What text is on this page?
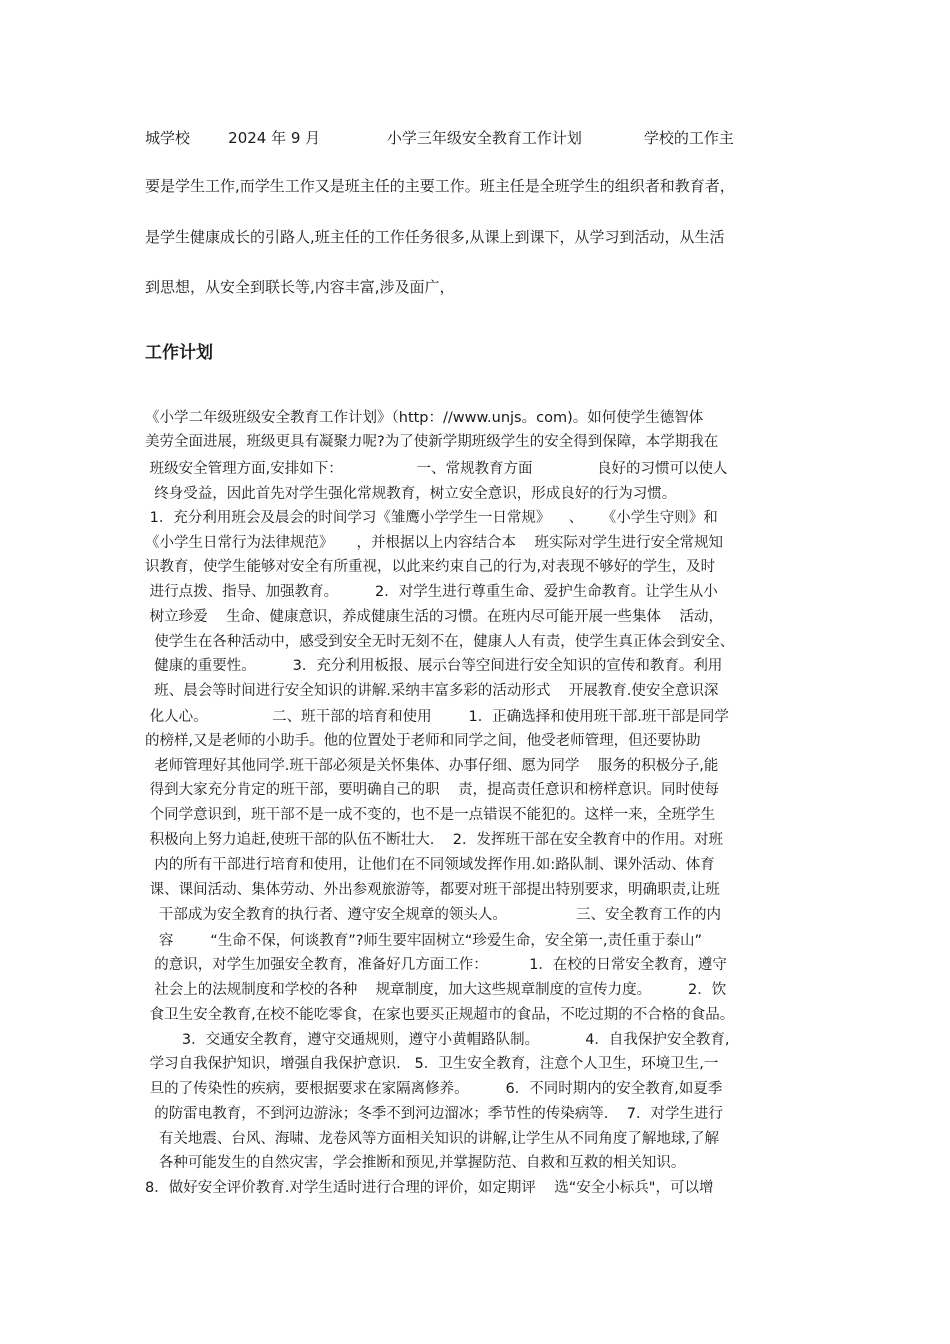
城学校        2024 年 9 月              小学三年级安全教育工作计划             学校的工作主
要是学生工作,而学生工作又是班主任的主要工作。班主任是全班学生的组织者和教育者，
是学生健康成长的引路人,班主任的工作任务很多,从课上到课下，从学习到活动，从生活
到思想，从安全到联长等,内容丰富,涉及面广，
工作计划
《小学二年级班级安全教育工作计划》（http：//www.unjs。com)。如何使学生德智体
美劳全面进展，班级更具有凝聚力呢?为了使新学期班级学生的安全得到保障，本学期我在
班级安全管理方面,安排如下：                一、常规教育方面              良好的习惯可以使人
终身受益，因此首先对学生强化常规教育，树立安全意识，形成良好的行为习惯。
1．充分利用班会及晨会的时间学习《雏鹰小学学生一日常规》    、    《小学生守则》和
《小学生日常行为法律规范》     ，并根据以上内容结合本    班实际对学生进行安全常规知
识教育，使学生能够对安全有所重视，以此来约束自己的行为,对表现不够好的学生，及时
进行点拨、指导、加强教育。        2．对学生进行尊重生命、爱护生命教育。让学生从小
树立珍爱    生命、健康意识，养成健康生活的习惯。在班内尽可能开展一些集体    活动，
使学生在各种活动中，感受到安全无时无刻不在，健康人人有责，使学生真正体会到安全、
健康的重要性。        3．充分利用板报、展示台等空间进行安全知识的宣传和教育。利用
班、晨会等时间进行安全知识的讲解.采纳丰富多彩的活动形式    开展教育.使安全意识深
化人心。              二、班干部的培育和使用        1．正确选择和使用班干部.班干部是同学
的榜样,又是老师的小助手。他的位置处于老师和同学之间，他受老师管理，但还要协助
老师管理好其他同学.班干部必须是关怀集体、办事仔细、愿为同学    服务的积极分子,能
得到大家充分肯定的班干部，要明确自己的职    责，提高责任意识和榜样意识。同时使每
个同学意识到，班干部不是一成不变的，也不是一点错误不能犯的。这样一来，全班学生
积极向上努力追赶,使班干部的队伍不断壮大.    2．发挥班干部在安全教育中的作用。对班
内的所有干部进行培育和使用，让他们在不同领域发挥作用.如:路队制、课外活动、体育
课、课间活动、集体劳动、外出参观旅游等，都要对班干部提出特别要求，明确职责,让班
干部成为安全教育的执行者、遵守安全规章的领头人。               三、安全教育工作的内
容        “生命不保，何谈教育”?师生要牢固树立“珍爱生命，安全第一,责任重于泰山”
的意识，对学生加强安全教育，准备好几方面工作：         1．在校的日常安全教育，遵守
社会上的法规制度和学校的各种    规章制度，加大这些规章制度的宣传力度。        2．饮
食卫生安全教育,在校不能吃零食，在家也要买正规超市的食品，不吃过期的不合格的食品。
3．交通安全教育，遵守交通规则，遵守小黄帽路队制。          4．自我保护安全教育,
学习自我保护知识，增强自我保护意识.   5．卫生安全教育，注意个人卫生，环境卫生,一
旦的了传染性的疾病，要根据要求在家隔离修养。        6．不同时期内的安全教育,如夏季
的防雷电教育，不到河边游泳；冬季不到河边溜冰；季节性的传染病等.    7．对学生进行
有关地震、台风、海啸、龙卷风等方面相关知识的讲解,让学生从不同角度了解地球,了解
各种可能发生的自然灾害，学会推断和预见,并掌握防范、自救和互救的相关知识。
8．做好安全评价教育.对学生适时进行合理的评价，如定期评    选“安全小标兵"，可以增
